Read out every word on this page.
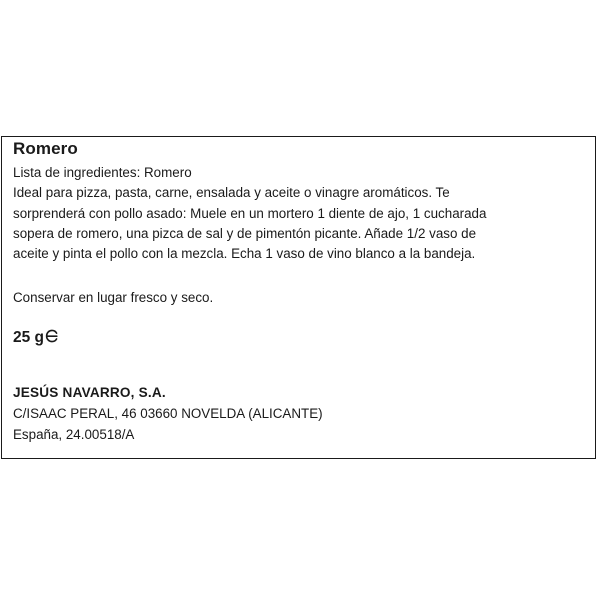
Romero
Lista de ingredientes: Romero
Ideal para pizza, pasta, carne, ensalada y aceite o vinagre aromáticos. Te
sorprenderá con pollo asado: Muele en un mortero 1 diente de ajo, 1 cucharada
sopera de romero, una pizca de sal y de pimentón picante. Añade 1/2 vaso de
aceite y pinta el pollo con la mezcla. Echa 1 vaso de vino blanco a la bandeja.
Conservar en lugar fresco y seco.
25 g
JESÚS NAVARRO, S.A.
C/ISAAC PERAL, 46 03660 NOVELDA (ALICANTE)
España, 24.00518/A
